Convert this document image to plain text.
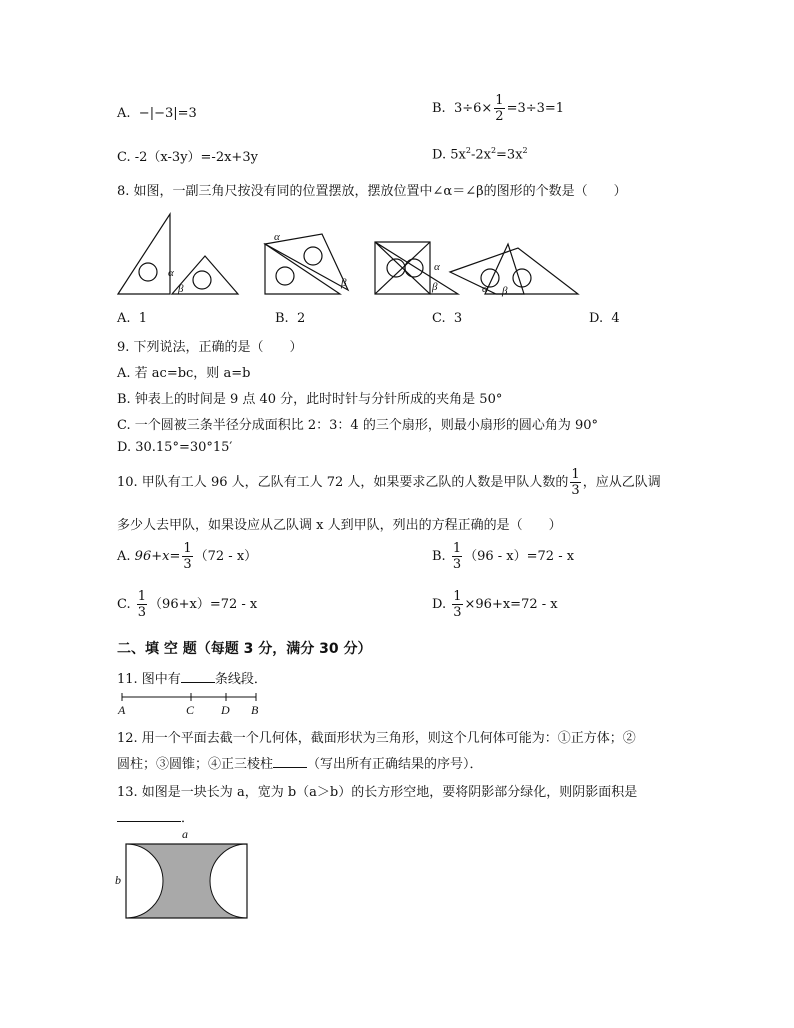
A. −|−3|=3	B. $3\div 6\times \frac{1}{2} =3\div 3=1$
C. -2（x-3y）=-2x+3y	D. $5x^2-2x^2=3x^2$
8. 如图，一副三角尺按没有同的位置摆放，摆放位置中∠α＝∠β的图形的个数是（　　）
α
β
α
β
α
β	α β
A. 1	B. 2	C. 3	D. 4
9. 下列说法，正确的是（　　）
A. 若 ac=bc，则 a=b
B. 钟表上的时间是 9 点 40 分，此时时针与分针所成的夹角是 50°
C. 一个圆被三条半径分成面积比 2：3：4 的三个扇形，则最小扇形的圆心角为 90°
D. 30.15°=30°15′
10. 甲队有工人 96 人，乙队有工人 72 人，如果要求乙队的人数是甲队人数的 $\frac{1}{3}$ ，应从乙队调
多少人去甲队，如果设应从乙队调 x 人到甲队，列出的方程正确的是（　　）
A. $96+x= \frac{1}{3} (72 - x)$	B. $\frac{1}{3} (96 - x)=72 - x$
C. $\frac{1}{3} (96+x)=72 - x$	D. $\frac{1}{3} \times 96+x=72 - x$
二、填 空 题（每题 3 分，满分 30 分）
11. 图中有	条线段．
A	C D B
12. 用一个平面去截一个几何体，截面形状为三角形，则这个几何体可能为：①正方体；②
圆柱；③圆锥；④正三棱柱	（写出所有正确结果的序号）．
13. 如图是一块长为 a，宽为 b（a＞b）的长方形空地，要将阴影部分绿化，则阴影面积是
．
a
b
